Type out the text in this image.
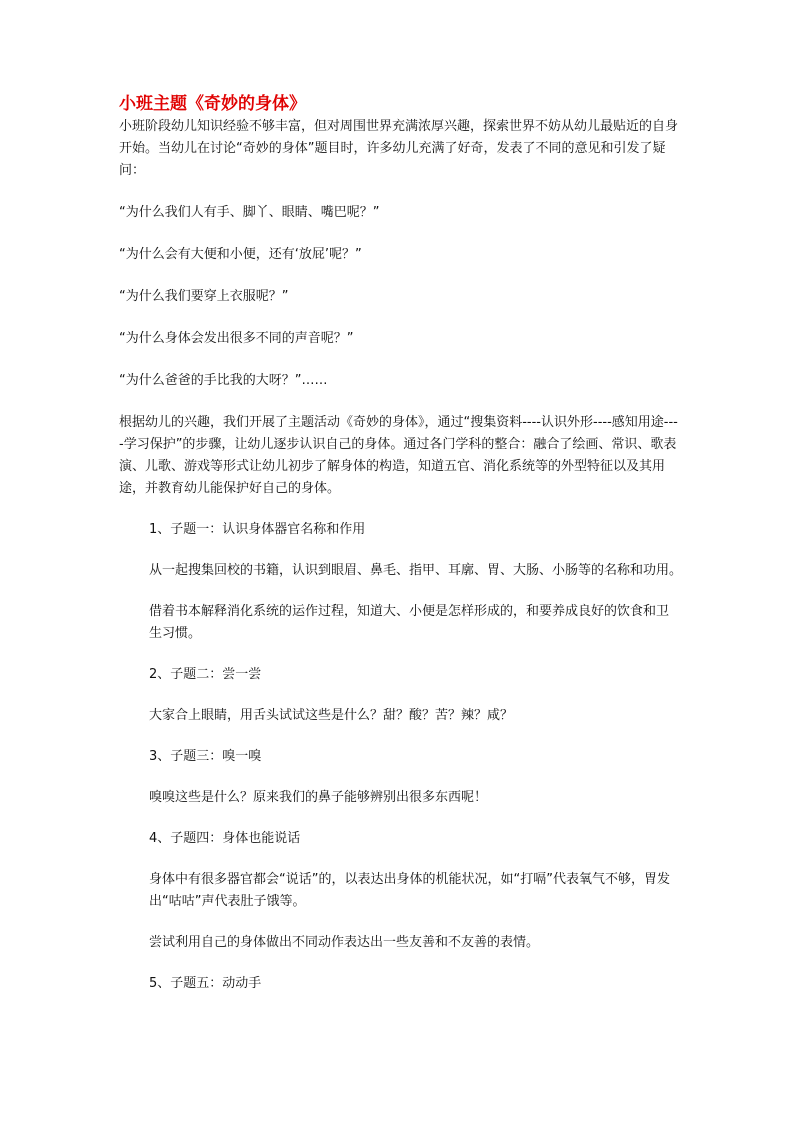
小班主题《奇妙的身体》

小班阶段幼儿知识经验不够丰富，但对周围世界充满浓厚兴趣，探索世界不妨从幼儿最贴近的自身开始。当幼儿在讨论“奇妙的身体”题目时，许多幼儿充满了好奇，发表了不同的意见和引发了疑问：

“为什么我们人有手、脚丫、眼睛、嘴巴呢？”

“为什么会有大便和小便，还有‘放屁’呢？”

“为什么我们要穿上衣服呢？”

“为什么身体会发出很多不同的声音呢？”

“为什么爸爸的手比我的大呀？”……

根据幼儿的兴趣，我们开展了主题活动《奇妙的身体》，通过“搜集资料----认识外形----感知用途----学习保护”的步骤，让幼儿逐步认识自己的身体。通过各门学科的整合：融合了绘画、常识、歌表演、儿歌、游戏等形式让幼儿初步了解身体的构造，知道五官、消化系统等的外型特征以及其用途，并教育幼儿能保护好自己的身体。

1、子题一：认识身体器官名称和作用

从一起搜集回校的书籍，认识到眼眉、鼻毛、指甲、耳廓、胃、大肠、小肠等的名称和功用。

借着书本解释消化系统的运作过程，知道大、小便是怎样形成的，和要养成良好的饮食和卫生习惯。

2、子题二：尝一尝

大家合上眼睛，用舌头试试这些是什么？甜？酸？苦？辣？咸？

3、子题三：嗅一嗅

嗅嗅这些是什么？原来我们的鼻子能够辨别出很多东西呢！

4、子题四：身体也能说话

身体中有很多器官都会“说话”的，以表达出身体的机能状况，如“打嗝”代表氧气不够，胃发出“咕咕”声代表肚子饿等。

尝试利用自己的身体做出不同动作表达出一些友善和不友善的表情。

5、子题五：动动手
